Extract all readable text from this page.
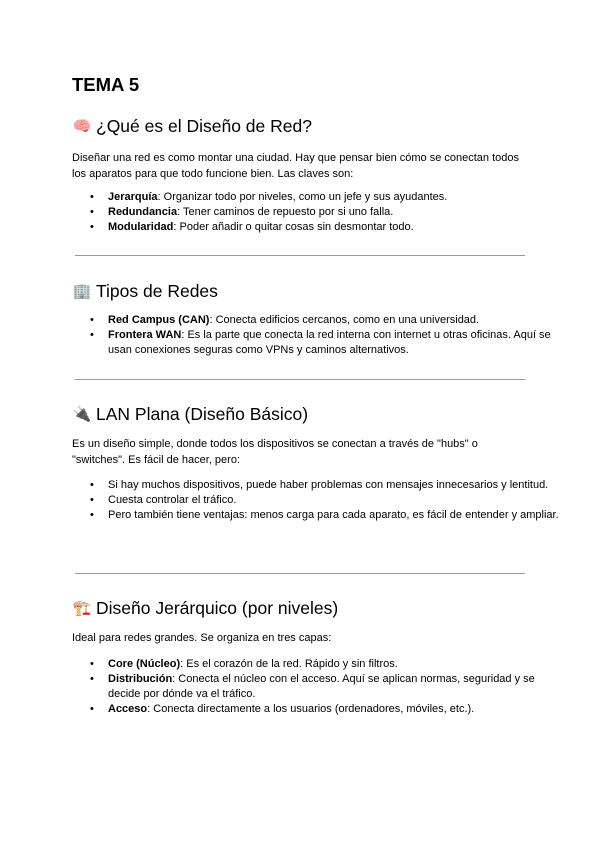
TEMA 5
🧠 ¿Qué es el Diseño de Red?

Diseñar una red es como montar una ciudad. Hay que pensar bien cómo se conectan todos los aparatos para que todo funcione bien. Las claves son:

• Jerarquía: Organizar todo por niveles, como un jefe y sus ayudantes.
• Redundancia: Tener caminos de repuesto por si uno falla.
• Modularidad: Poder añadir o quitar cosas sin desmontar todo.
🏢 Tipos de Redes
• Red Campus (CAN): Conecta edificios cercanos, como en una universidad.
• Frontera WAN: Es la parte que conecta la red interna con internet u otras oficinas. Aquí se usan conexiones seguras como VPNs y caminos alternativos.
🔌 LAN Plana (Diseño Básico)

Es un diseño simple, donde todos los dispositivos se conectan a través de "hubs" o "switches". Es fácil de hacer, pero:

• Si hay muchos dispositivos, puede haber problemas con mensajes innecesarios y lentitud.
• Cuesta controlar el tráfico.
• Pero también tiene ventajas: menos carga para cada aparato, es fácil de entender y ampliar.
🏗️ Diseño Jerárquico (por niveles)

Ideal para redes grandes. Se organiza en tres capas:

• Core (Núcleo): Es el corazón de la red. Rápido y sin filtros.
• Distribución: Conecta el núcleo con el acceso. Aquí se aplican normas, seguridad y se decide por dónde va el tráfico.
• Acceso: Conecta directamente a los usuarios (ordenadores, móviles, etc.).
